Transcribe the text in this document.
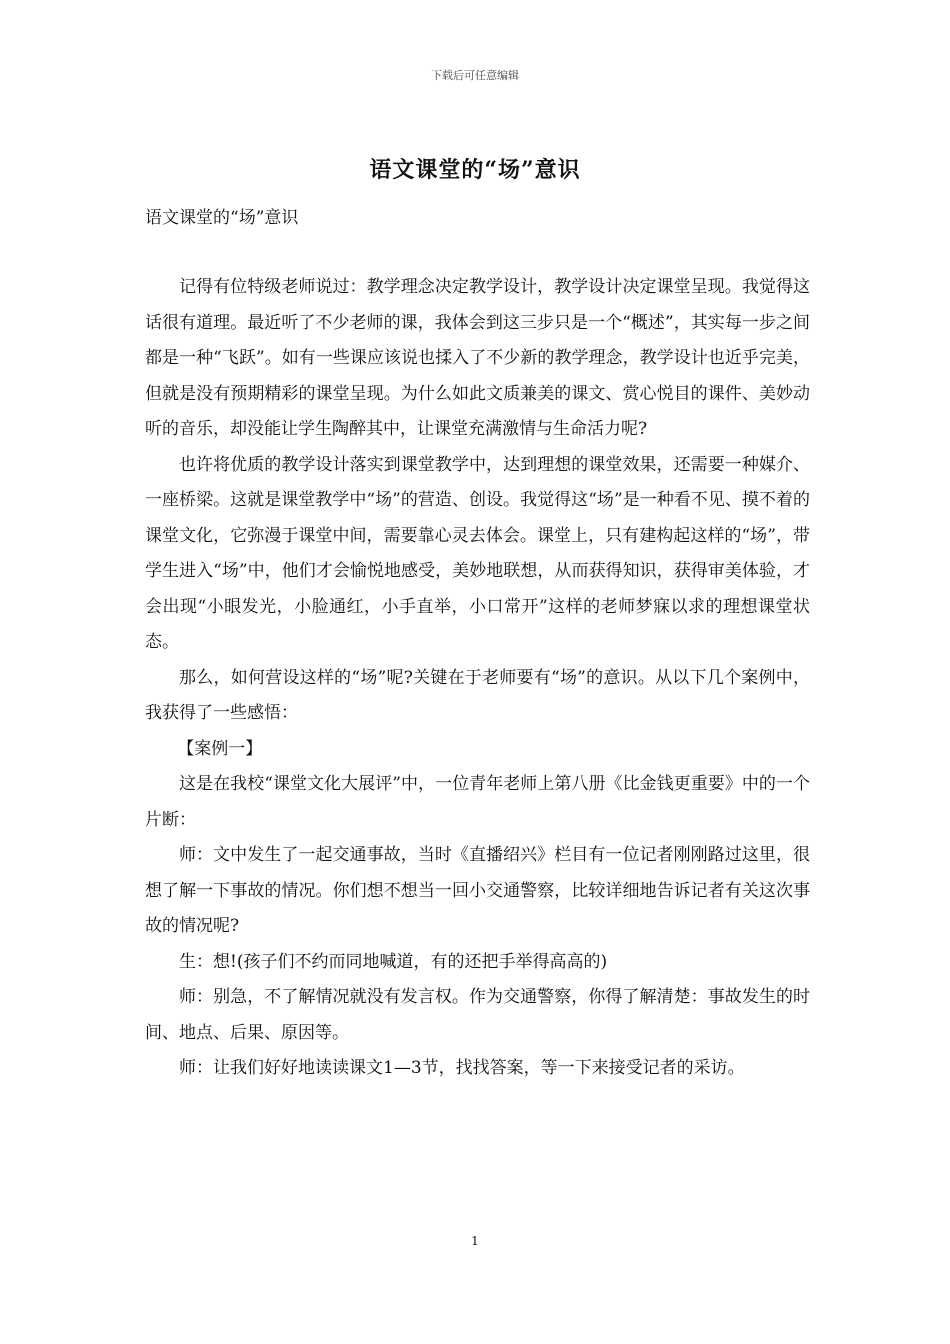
下载后可任意编辑
语文课堂的“场”意识
语文课堂的“场”意识

记得有位特级老师说过：教学理念决定教学设计，教学设计决定课堂呈现。我觉得这话很有道理。最近听了不少老师的课，我体会到这三步只是一个“概述”，其实每一步之间都是一种“飞跃”。如有一些课应该说也揉入了不少新的教学理念，教学设计也近乎完美，但就是没有预期精彩的课堂呈现。为什么如此文质兼美的课文、赏心悦目的课件、美妙动听的音乐，却没能让学生陶醉其中，让课堂充满激情与生命活力呢?

也许将优质的教学设计落实到课堂教学中，达到理想的课堂效果，还需要一种媒介、一座桥梁。这就是课堂教学中“场”的营造、创设。我觉得这“场”是一种看不见、摸不着的课堂文化，它弥漫于课堂中间，需要靠心灵去体会。课堂上，只有建构起这样的“场”，带学生进入“场”中，他们才会愉悦地感受，美妙地联想，从而获得知识，获得审美体验，才会出现“小眼发光，小脸通红，小手直举，小口常开”这样的老师梦寐以求的理想课堂状态。

那么，如何营设这样的“场”呢?关键在于老师要有“场”的意识。从以下几个案例中，我获得了一些感悟：

【案例一】

这是在我校“课堂文化大展评”中，一位青年老师上第八册《比金钱更重要》中的一个片断：

师：文中发生了一起交通事故，当时《直播绍兴》栏目有一位记者刚刚路过这里，很想了解一下事故的情况。你们想不想当一回小交通警察，比较详细地告诉记者有关这次事故的情况呢?

生：想!(孩子们不约而同地喊道，有的还把手举得高高的)

师：别急，不了解情况就没有发言权。作为交通警察，你得了解清楚：事故发生的时间、地点、后果、原因等。

师：让我们好好地读读课文1—3节，找找答案，等一下来接受记者的采访。

1
